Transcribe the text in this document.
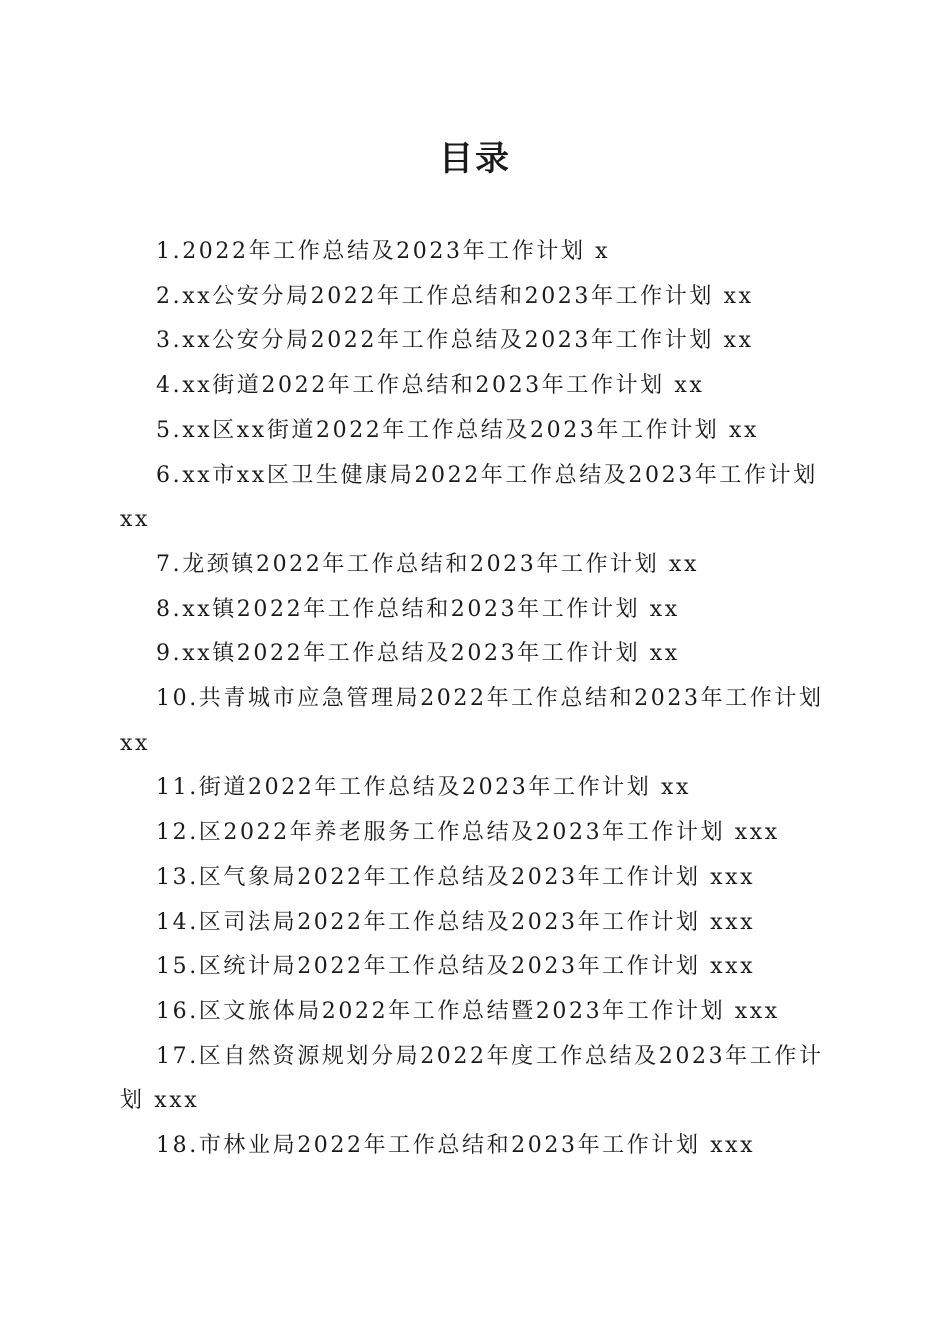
目录
1.2022年工作总结及2023年工作计划 x
2.xx公安分局2022年工作总结和2023年工作计划 xx
3.xx公安分局2022年工作总结及2023年工作计划 xx
4.xx街道2022年工作总结和2023年工作计划 xx
5.xx区xx街道2022年工作总结及2023年工作计划 xx
6.xx市xx区卫生健康局2022年工作总结及2023年工作计划 xx
7.龙颈镇2022年工作总结和2023年工作计划 xx
8.xx镇2022年工作总结和2023年工作计划 xx
9.xx镇2022年工作总结及2023年工作计划 xx
10.共青城市应急管理局2022年工作总结和2023年工作计划 xx
11.街道2022年工作总结及2023年工作计划 xx
12.区2022年养老服务工作总结及2023年工作计划 xxx
13.区气象局2022年工作总结及2023年工作计划 xxx
14.区司法局2022年工作总结及2023年工作计划 xxx
15.区统计局2022年工作总结及2023年工作计划 xxx
16.区文旅体局2022年工作总结暨2023年工作计划 xxx
17.区自然资源规划分局2022年度工作总结及2023年工作计划 xxx
18.市林业局2022年工作总结和2023年工作计划 xxx
